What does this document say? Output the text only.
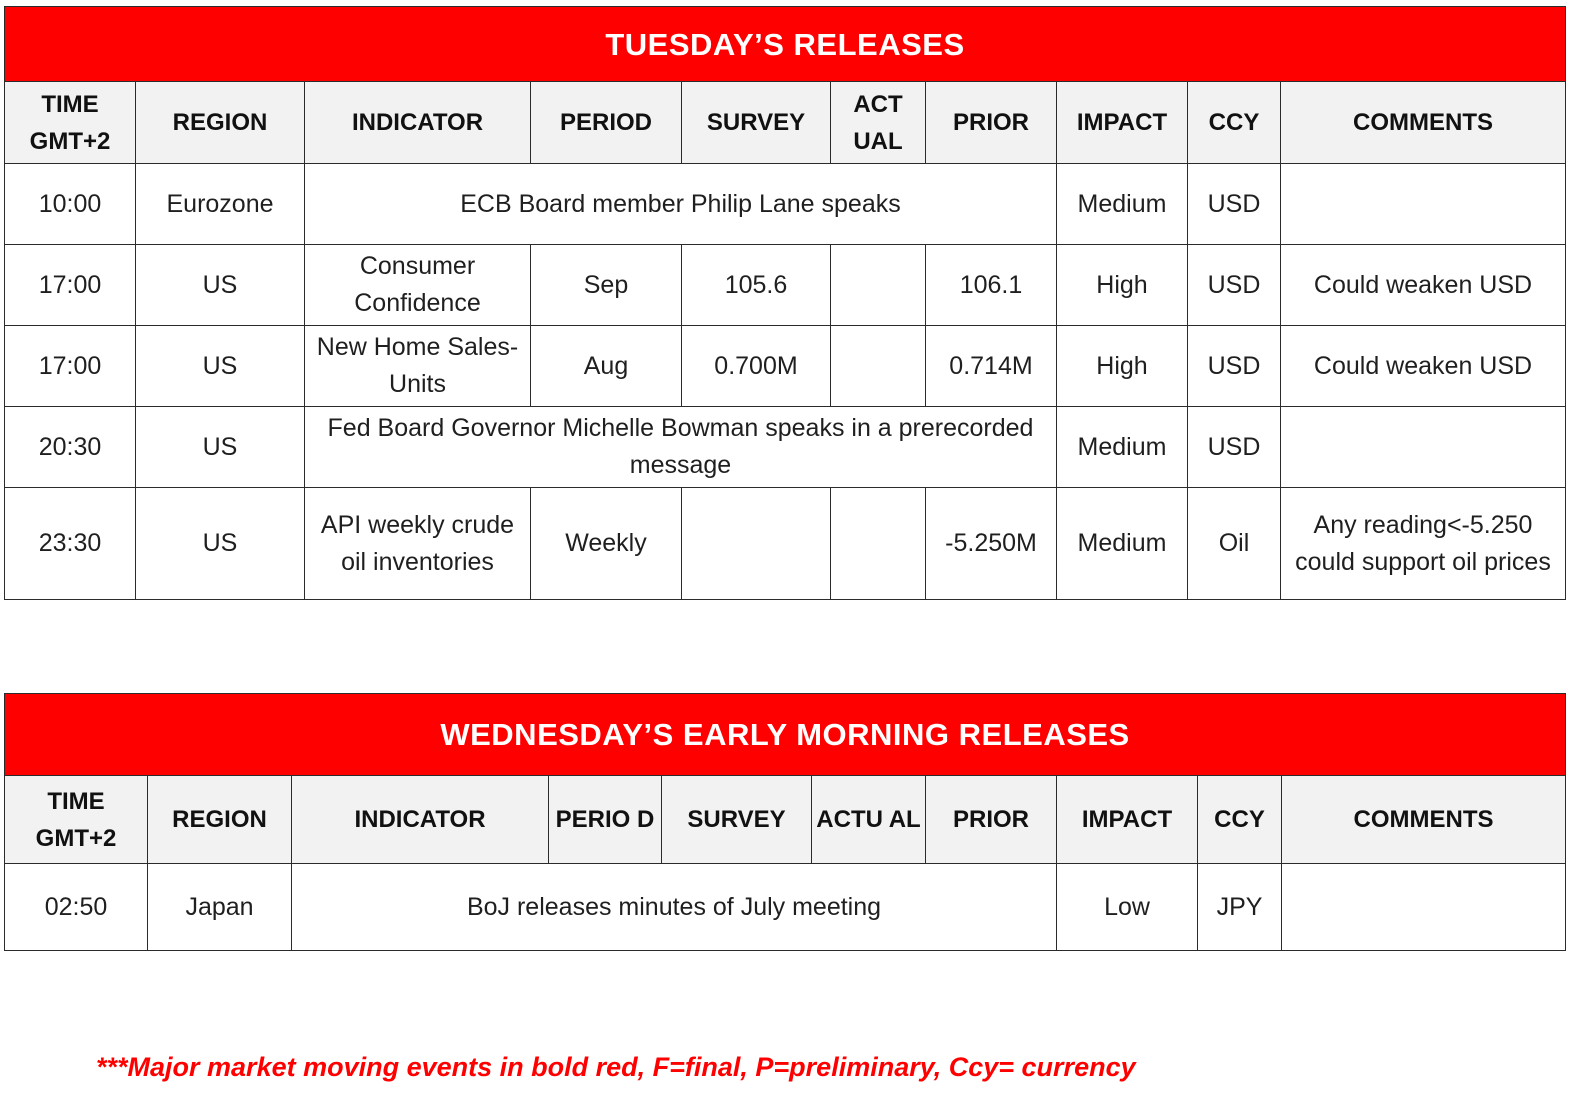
TUESDAY’S RELEASES									
TIME GMT+2	REGION	INDICATOR	PERIOD	SURVEY	ACT UAL	PRIOR	IMPACT	CCY	COMMENTS
10:00	Eurozone	ECB Board member Philip Lane speaks					Medium	USD	
17:00	US	Consumer Confidence	Sep	105.6		106.1	High	USD	Could weaken USD
17:00	US	New Home Sales-Units	Aug	0.700M		0.714M	High	USD	Could weaken USD
20:30	US	Fed Board Governor Michelle Bowman speaks in a prerecorded message					Medium	USD	
23:30	US	API weekly crude oil inventories	Weekly			-5.250M	Medium	Oil	Any reading<-5.250 could support oil prices
WEDNESDAY’S EARLY MORNING RELEASES									
TIME GMT+2	REGION	INDICATOR	PERIO D	SURVEY	ACTU AL	PRIOR	IMPACT	CCY	COMMENTS
02:50	Japan	BoJ releases minutes of July meeting					Low	JPY	
***Major market moving events in bold red, F=final, P=preliminary, Ccy= currency
